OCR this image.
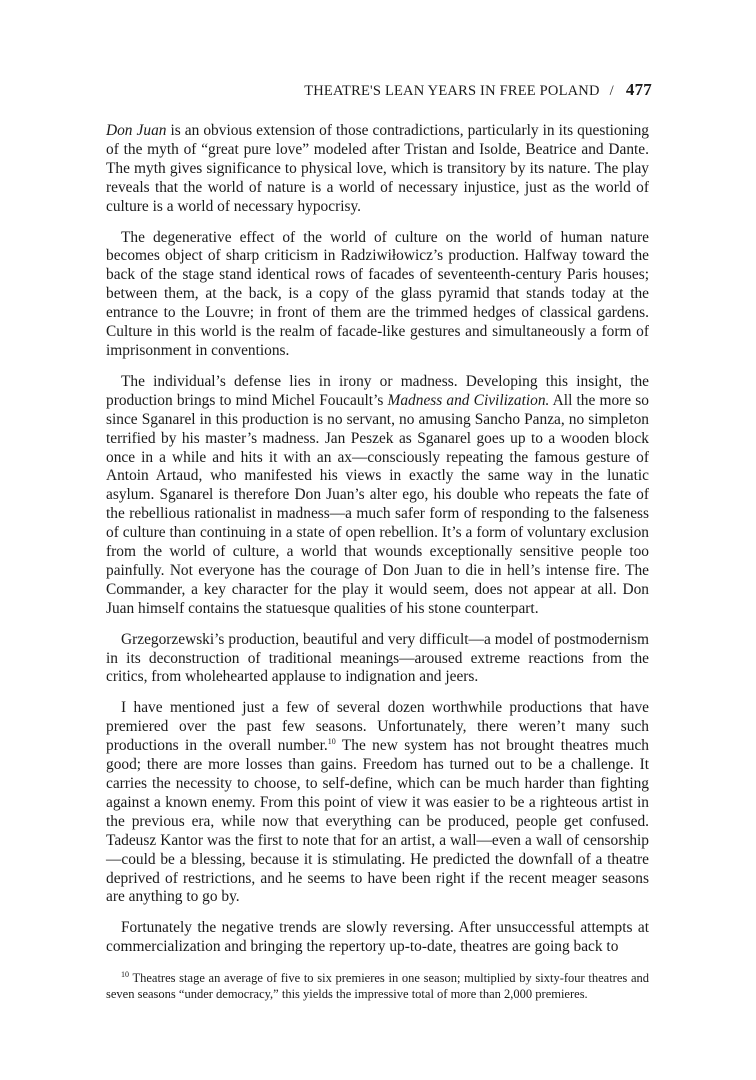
THEATRE'S LEAN YEARS IN FREE POLAND / 477

Don Juan is an obvious extension of those contradictions, particularly in its questioning of the myth of “great pure love” modeled after Tristan and Isolde, Beatrice and Dante. The myth gives significance to physical love, which is transitory by its nature. The play reveals that the world of nature is a world of necessary injustice, just as the world of culture is a world of necessary hypocrisy.

The degenerative effect of the world of culture on the world of human nature becomes object of sharp criticism in Radziwiłowicz’s production. Halfway toward the back of the stage stand identical rows of facades of seventeenth-century Paris houses; between them, at the back, is a copy of the glass pyramid that stands today at the entrance to the Louvre; in front of them are the trimmed hedges of classical gardens. Culture in this world is the realm of facade-like gestures and simultaneously a form of imprisonment in conventions.

The individual’s defense lies in irony or madness. Developing this insight, the production brings to mind Michel Foucault’s Madness and Civilization. All the more so since Sganarel in this production is no servant, no amusing Sancho Panza, no simpleton terrified by his master’s madness. Jan Peszek as Sganarel goes up to a wooden block once in a while and hits it with an ax—consciously repeating the famous gesture of Antoin Artaud, who manifested his views in exactly the same way in the lunatic asylum. Sganarel is therefore Don Juan’s alter ego, his double who repeats the fate of the rebellious rationalist in madness—a much safer form of responding to the falseness of culture than continuing in a state of open rebellion. It’s a form of voluntary exclusion from the world of culture, a world that wounds exceptionally sensitive people too painfully. Not everyone has the courage of Don Juan to die in hell’s intense fire. The Commander, a key character for the play it would seem, does not appear at all. Don Juan himself contains the statuesque qualities of his stone counterpart.

Grzegorzewski’s production, beautiful and very difficult—a model of postmodernism in its deconstruction of traditional meanings—aroused extreme reactions from the critics, from wholehearted applause to indignation and jeers.

I have mentioned just a few of several dozen worthwhile productions that have premiered over the past few seasons. Unfortunately, there weren’t many such productions in the overall number.$^{10}$ The new system has not brought theatres much good; there are more losses than gains. Freedom has turned out to be a challenge. It carries the necessity to choose, to self-define, which can be much harder than fighting against a known enemy. From this point of view it was easier to be a righteous artist in the previous era, while now that everything can be produced, people get confused. Tadeusz Kantor was the first to note that for an artist, a wall—even a wall of censorship—could be a blessing, because it is stimulating. He predicted the downfall of a theatre deprived of restrictions, and he seems to have been right if the recent meager seasons are anything to go by.

Fortunately the negative trends are slowly reversing. After unsuccessful attempts at commercialization and bringing the repertory up-to-date, theatres are going back to

$^{10}$ Theatres stage an average of five to six premieres in one season; multiplied by sixty-four theatres and seven seasons “under democracy,” this yields the impressive total of more than 2,000 premieres.
